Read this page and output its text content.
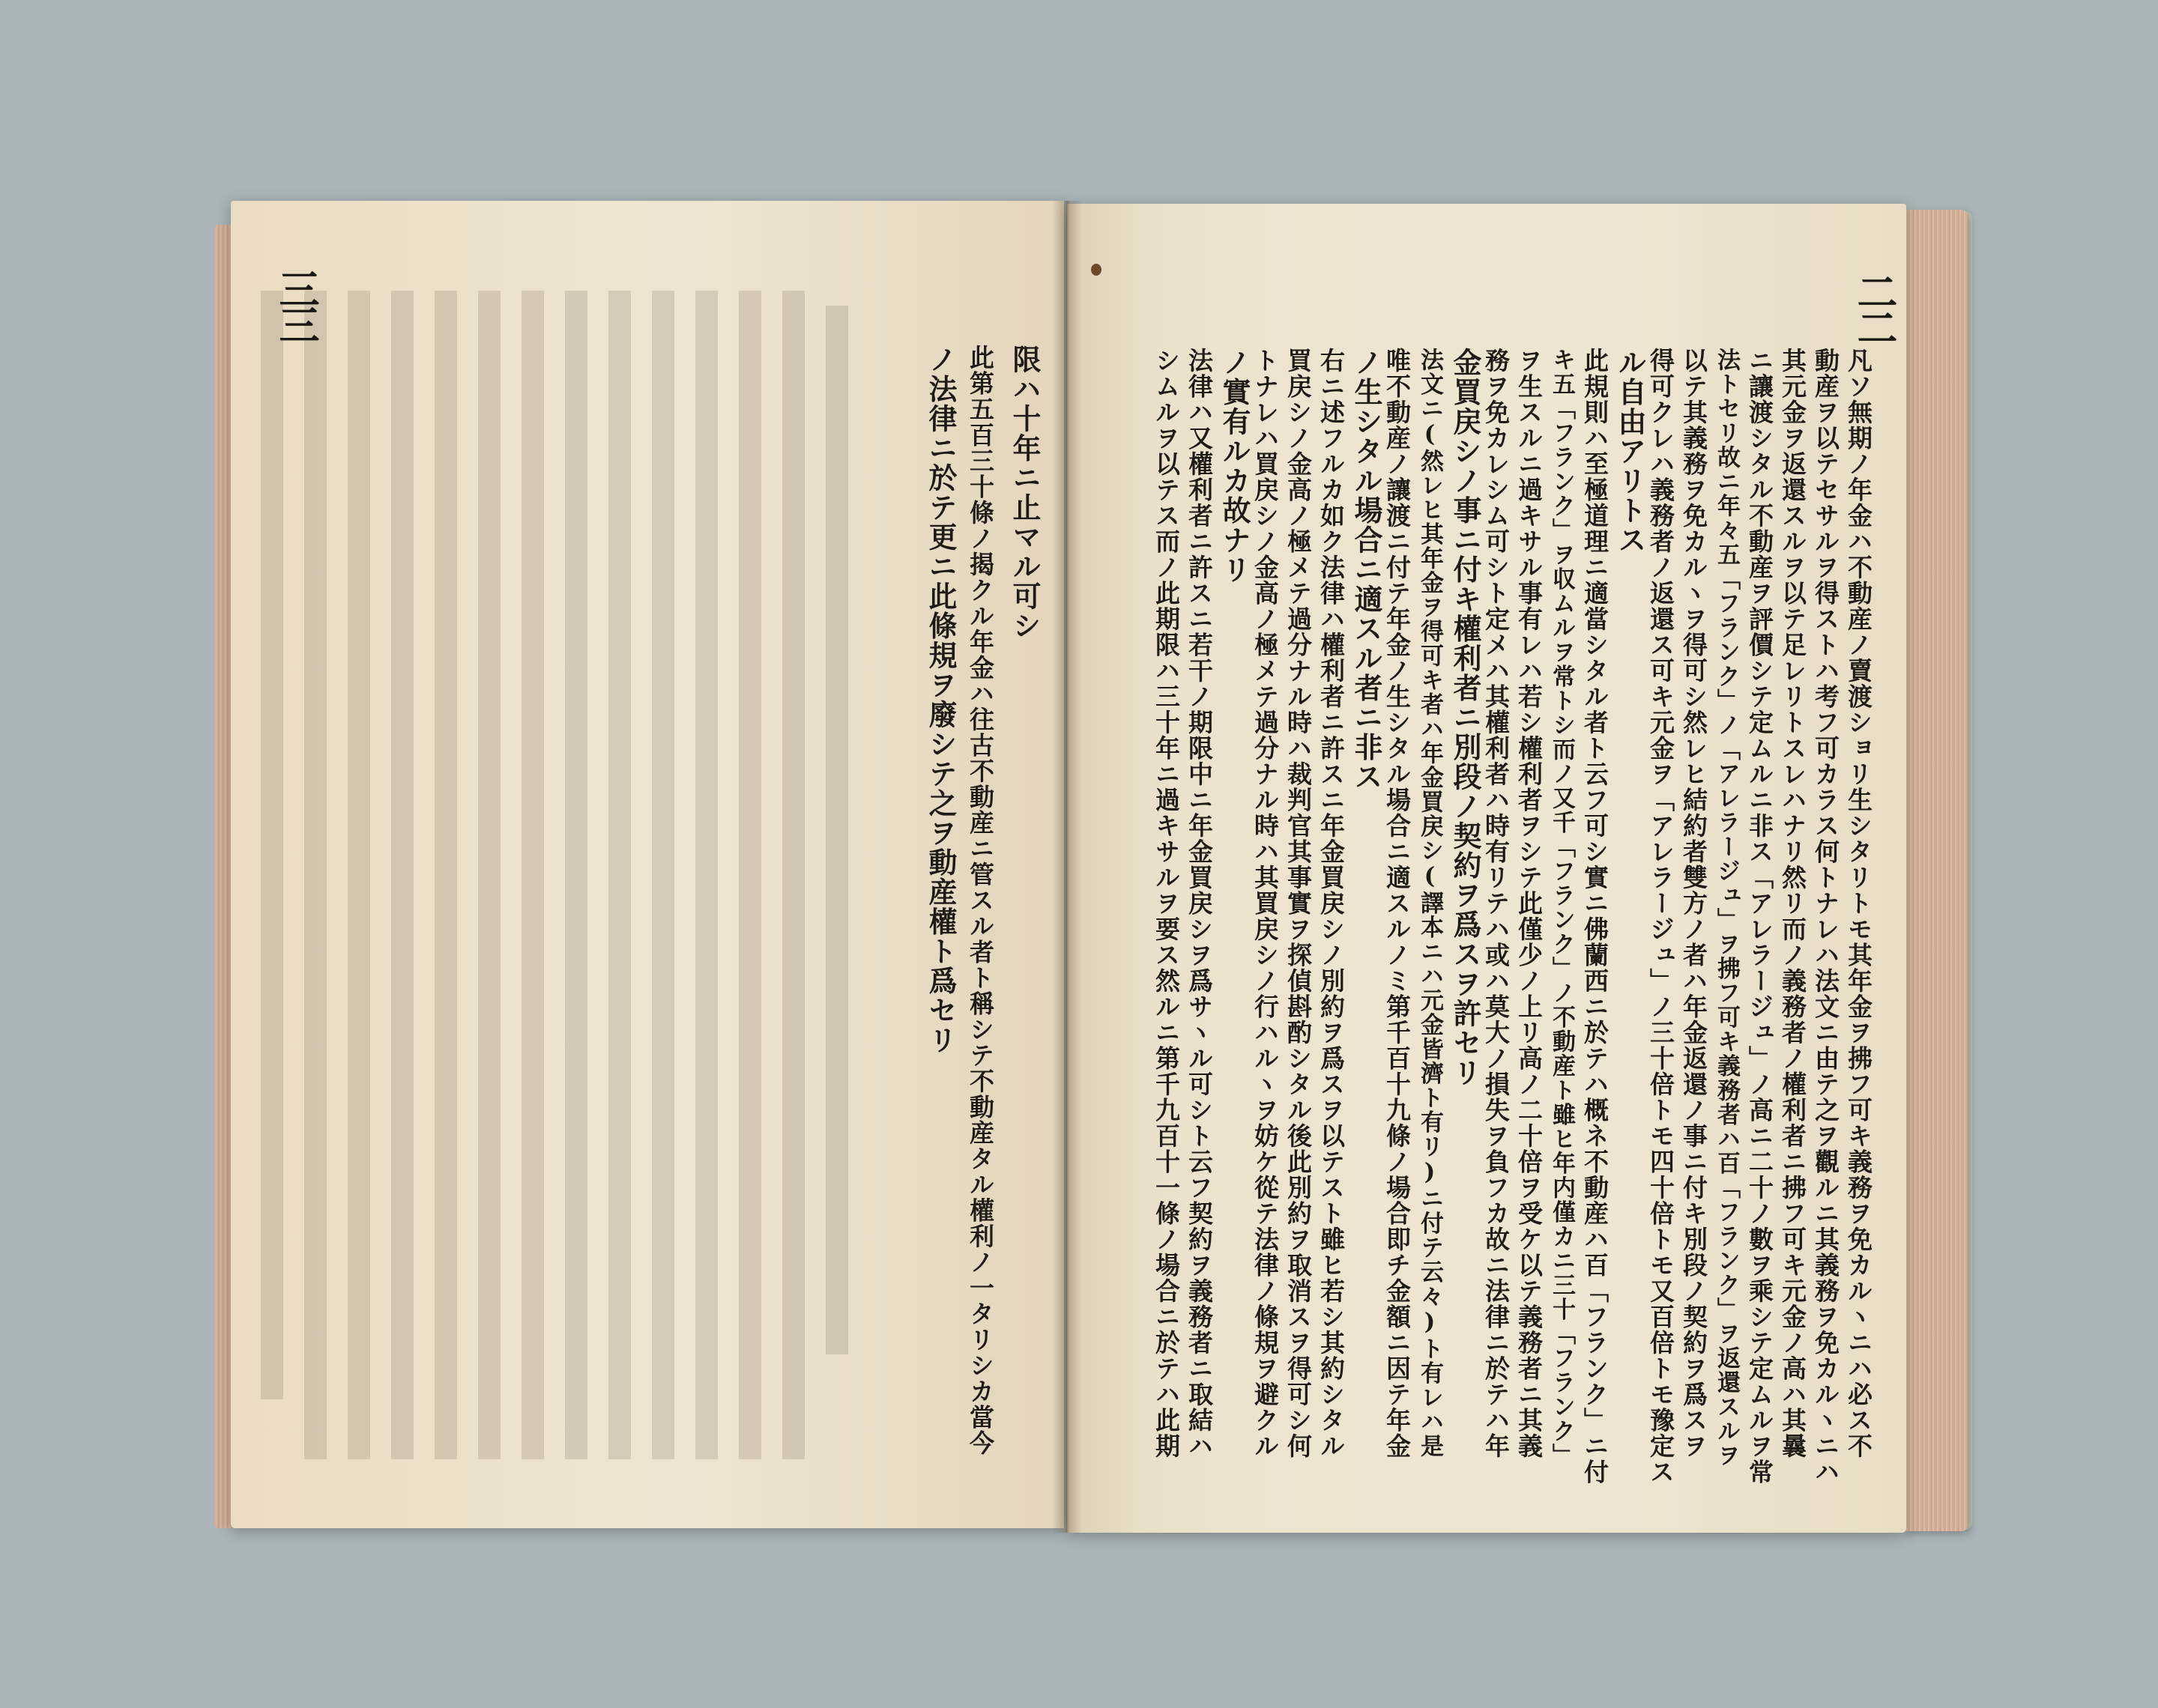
三三
限ハ十年ニ止マル可シ
此第五百三十條ノ揭クル年金ハ往古不動産ニ管スル者ト稱シテ不動産タル權利ノ一タリシカ當今
ノ法律ニ於テ更ニ此條規ヲ廢シテ之ヲ動産權ト爲セリ
二二
凡ソ無期ノ年金ハ不動産ノ賣渡ショリ生シタリトモ其年金ヲ拂フ可キ義務ヲ免カルヽニハ必ス不
動産ヲ以テセサルヲ得ストハ考フ可カラス何トナレハ法文ニ由テ之ヲ觀ルニ其義務ヲ免カルヽニハ
其元金ヲ返還スルヲ以テ足レリトスレハナリ然リ而ノ義務者ノ權利者ニ拂フ可キ元金ノ高ハ其曩
ニ讓渡シタル不動産ヲ評價シテ定ムルニ非ス「アレラージュ」ノ高ニ二十ノ數ヲ乘シテ定ムルヲ常
法トセリ故ニ年々五「フランク」ノ「アレラージュ」ヲ拂フ可キ義務者ハ百「フランク」ヲ返還スルヲ
以テ其義務ヲ免カルヽヲ得可シ然レヒ結約者雙方ノ者ハ年金返還ノ事ニ付キ別段ノ契約ヲ爲スヲ
得可クレハ義務者ノ返還ス可キ元金ヲ「アレラージュ」ノ三十倍トモ四十倍トモ又百倍トモ豫定ス
ル自由アリトス
此規則ハ至極道理ニ適當シタル者ト云フ可シ實ニ佛蘭西ニ於テハ概ネ不動産ハ百「フランク」ニ付
キ五「フランク」ヲ収ムルヲ常トシ而ノ又千「フランク」ノ不動産ト雖ヒ年内僅カニ三十「フランク」
ヲ生スルニ過キサル事有レハ若シ權利者ヲシテ此僅少ノ上リ高ノ二十倍ヲ受ケ以テ義務者ニ其義
務ヲ免カレシム可シト定メハ其權利者ハ時有リテハ或ハ莫大ノ損失ヲ負フカ故ニ法律ニ於テハ年
金買戻シノ事ニ付キ權利者ニ別段ノ契約ヲ爲スヲ許セリ
法文ニ(然レヒ其年金ヲ得可キ者ハ年金買戻シ(譯本ニハ元金皆濟ト有リ)ニ付テ云々)ト有レハ是
唯不動産ノ讓渡ニ付テ年金ノ生シタル場合ニ適スルノミ第千百十九條ノ場合即チ金額ニ因テ年金
ノ生シタル場合ニ適スル者ニ非ス
右ニ述フルカ如ク法律ハ權利者ニ許スニ年金買戻シノ別約ヲ爲スヲ以テスト雖ヒ若シ其約シタル
買戻シノ金高ノ極メテ過分ナル時ハ裁判官其事實ヲ探偵斟酌シタル後此別約ヲ取消スヲ得可シ何
トナレハ買戻シノ金高ノ極メテ過分ナル時ハ其買戻シノ行ハルヽヲ妨ケ從テ法律ノ條規ヲ避クル
ノ實有ルカ故ナリ
法律ハ又權利者ニ許スニ若干ノ期限中ニ年金買戻シヲ爲サヽル可シト云フ契約ヲ義務者ニ取結ハ
シムルヲ以テス而ノ此期限ハ三十年ニ過キサルヲ要ス然ルニ第千九百十一條ノ場合ニ於テハ此期
